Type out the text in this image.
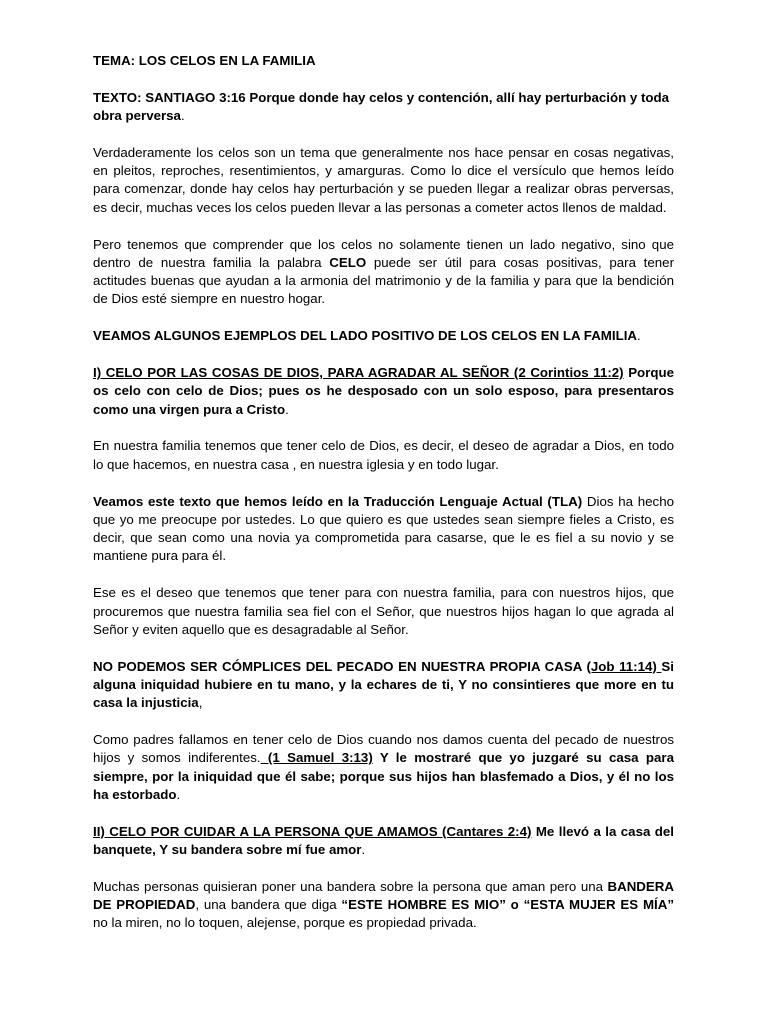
TEMA: LOS CELOS EN LA FAMILIA

TEXTO: SANTIAGO 3:16 Porque donde hay celos y contención, allí hay perturbación y toda obra perversa.

Verdaderamente los celos son un tema que generalmente nos hace pensar en cosas negativas, en pleitos, reproches, resentimientos, y amarguras. Como lo dice el versículo que hemos leído para comenzar, donde hay celos hay perturbación y se pueden llegar a realizar obras perversas, es decir, muchas veces los celos pueden llevar a las personas a cometer actos llenos de maldad.

Pero tenemos que comprender que los celos no solamente tienen un lado negativo, sino que dentro de nuestra familia la palabra CELO puede ser útil para cosas positivas, para tener actitudes buenas que ayudan a la armonia del matrimonio y de la familia y para que la bendición de Dios esté siempre en nuestro hogar.

VEAMOS ALGUNOS EJEMPLOS DEL LADO POSITIVO DE LOS CELOS EN LA FAMILIA.

I) CELO POR LAS COSAS DE DIOS, PARA AGRADAR AL SEÑOR (2 Corintios 11:2) Porque os celo con celo de Dios; pues os he desposado con un solo esposo, para presentaros como una virgen pura a Cristo.

En nuestra familia tenemos que tener celo de Dios, es decir, el deseo de agradar a Dios, en todo lo que hacemos, en nuestra casa , en nuestra iglesia y en todo lugar.

Veamos este texto que hemos leído en la Traducción Lenguaje Actual (TLA) Dios ha hecho que yo me preocupe por ustedes. Lo que quiero es que ustedes sean siempre fieles a Cristo, es decir, que sean como una novia ya comprometida para casarse, que le es fiel a su novio y se mantiene pura para él.

Ese es el deseo que tenemos que tener para con nuestra familia, para con nuestros hijos, que procuremos que nuestra familia sea fiel con el Señor, que nuestros hijos hagan lo que agrada al Señor y eviten aquello que es desagradable al Señor.

NO PODEMOS SER CÓMPLICES DEL PECADO EN NUESTRA PROPIA CASA (Job 11:14) Si alguna iniquidad hubiere en tu mano, y la echares de ti, Y no consintieres que more en tu casa la injusticia,

Como padres fallamos en tener celo de Dios cuando nos damos cuenta del pecado de nuestros hijos y somos indiferentes. (1 Samuel 3:13) Y le mostraré que yo juzgaré su casa para siempre, por la iniquidad que él sabe; porque sus hijos han blasfemado a Dios, y él no los ha estorbado.

II) CELO POR CUIDAR A LA PERSONA QUE AMAMOS (Cantares 2:4) Me llevó a la casa del banquete, Y su bandera sobre mí fue amor.

Muchas personas quisieran poner una bandera sobre la persona que aman pero una BANDERA DE PROPIEDAD, una bandera que diga “ESTE HOMBRE ES MIO” o “ESTA MUJER ES MÍA” no la miren, no lo toquen, alejense, porque es propiedad privada.
